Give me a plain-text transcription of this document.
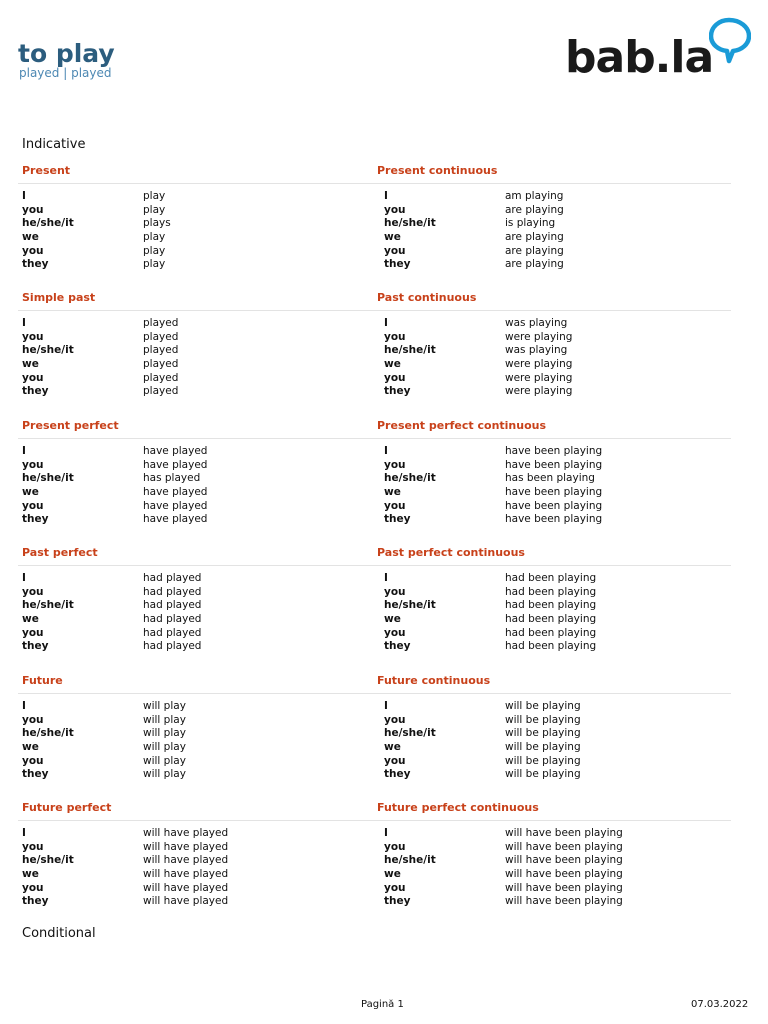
to play
played | played	bab.la
Indicative
Present
I	play
you	play
he/she/it	plays
we	play
you	play
they	play
Present continuous
I	am playing
you	are playing
he/she/it	is playing
we	are playing
you	are playing
they	are playing
Simple past
I	played
you	played
he/she/it	played
we	played
you	played
they	played
Past continuous
I	was playing
you	were playing
he/she/it	was playing
we	were playing
you	were playing
they	were playing
Present perfect
I	have played
you	have played
he/she/it	has played
we	have played
you	have played
they	have played
Present perfect continuous
I	have been playing
you	have been playing
he/she/it	has been playing
we	have been playing
you	have been playing
they	have been playing
Past perfect
I	had played
you	had played
he/she/it	had played
we	had played
you	had played
they	had played
Past perfect continuous
I	had been playing
you	had been playing
he/she/it	had been playing
we	had been playing
you	had been playing
they	had been playing
Future
I	will play
you	will play
he/she/it	will play
we	will play
you	will play
they	will play
Future continuous
I	will be playing
you	will be playing
he/she/it	will be playing
we	will be playing
you	will be playing
they	will be playing
Future perfect
I	will have played
you	will have played
he/she/it	will have played
we	will have played
you	will have played
they	will have played
Future perfect continuous
I	will have been playing
you	will have been playing
he/she/it	will have been playing
we	will have been playing
you	will have been playing
they	will have been playing
Conditional
Pagină 1	07.03.2022
